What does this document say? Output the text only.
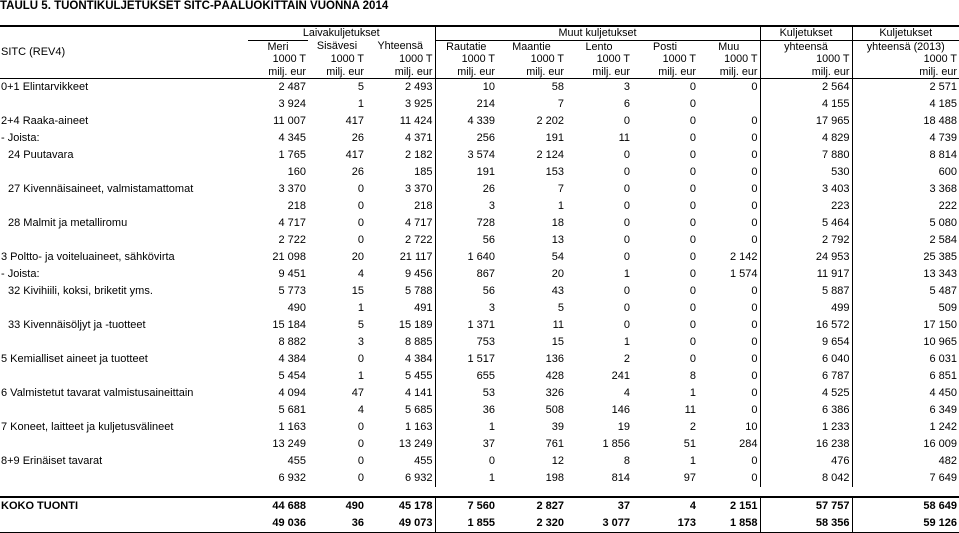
TAULU 5. TUONTIKULJETUKSET SITC-PÄÄLUOKITTAIN VUONNA 2014
SITC (REV4)	Laivakuljetukset			Muut kuljetukset					Kuljetukset	Kuljetukset
	Meri	Sisävesi	Yhteensä	Rautatie	Maantie	Lento	Posti	Muu	yhteensä	yhteensä (2013)
	1000 T	1000 T	1000 T	1000 T	1000 T	1000 T	1000 T	1000 T	1000 T	1000 T
	milj. eur	milj. eur	milj. eur	milj. eur	milj. eur	milj. eur	milj. eur	milj. eur	milj. eur	milj. eur
0+1 Elintarvikkeet	2 487	5	2 493	10	58	3	0	0	2 564	2 571
	3 924	1	3 925	214	7	6	0		4 155	4 185
2+4 Raaka-aineet	11 007	417	11 424	4 339	2 202	0	0	0	17 965	18 488
- Joista:	4 345	26	4 371	256	191	11	0	0	4 829	4 739
24 Puutavara	1 765	417	2 182	3 574	2 124	0	0	0	7 880	8 814
	160	26	185	191	153	0	0	0	530	600
27 Kivennäisaineet, valmistamattomat	3 370	0	3 370	26	7	0	0	0	3 403	3 368
	218	0	218	3	1	0	0	0	223	222
28 Malmit ja metalliromu	4 717	0	4 717	728	18	0	0	0	5 464	5 080
	2 722	0	2 722	56	13	0	0	0	2 792	2 584
3 Poltto- ja voiteluaineet, sähkövirta	21 098	20	21 117	1 640	54	0	0	2 142	24 953	25 385
- Joista:	9 451	4	9 456	867	20	1	0	1 574	11 917	13 343
32 Kivihiili, koksi, briketit yms.	5 773	15	5 788	56	43	0	0	0	5 887	5 487
	490	1	491	3	5	0	0	0	499	509
33 Kivennäisöljyt ja -tuotteet	15 184	5	15 189	1 371	11	0	0	0	16 572	17 150
	8 882	3	8 885	753	15	1	0	0	9 654	10 965
5 Kemialliset aineet ja tuotteet	4 384	0	4 384	1 517	136	2	0	0	6 040	6 031
	5 454	1	5 455	655	428	241	8	0	6 787	6 851
6 Valmistetut tavarat valmistusaineittain	4 094	47	4 141	53	326	4	1	0	4 525	4 450
	5 681	4	5 685	36	508	146	11	0	6 386	6 349
7 Koneet, laitteet ja kuljetusvälineet	1 163	0	1 163	1	39	19	2	10	1 233	1 242
	13 249	0	13 249	37	761	1 856	51	284	16 238	16 009
8+9 Erinäiset tavarat	455	0	455	0	12	8	1	0	476	482
	6 932	0	6 932	1	198	814	97	0	8 042	7 649

KOKO TUONTI	44 688	490	45 178	7 560	2 827	37	4	2 151	57 757	58 649
	49 036	36	49 073	1 855	2 320	3 077	173	1 858	58 356	59 126
